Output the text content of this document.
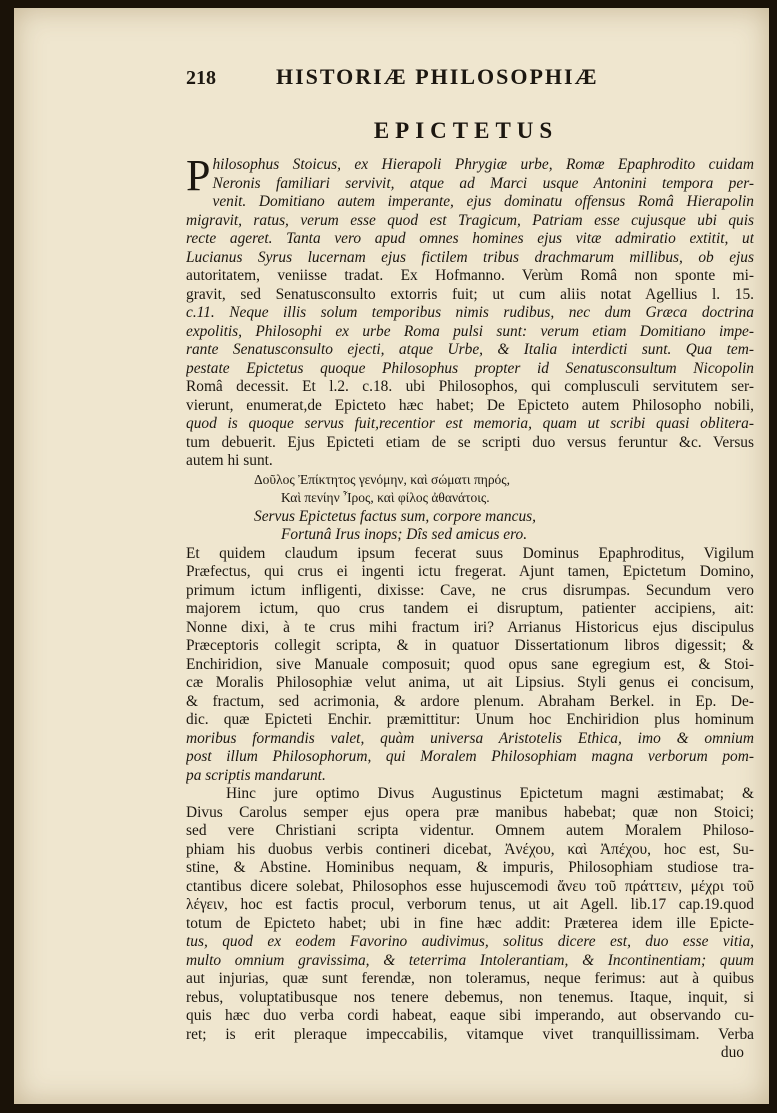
218	HISTORIÆ PHILOSOPHIÆ
EPICTETUS
P hilosophus Stoicus, ex Hierapoli Phrygiæ urbe, Romæ Epaphrodito cuidam
Neronis familiari servivit, atque ad Marci usque Antonini tempora per-
venit. Domitiano autem imperante, ejus dominatu offensus Româ Hierapolin
migravit, ratus, verum esse quod est Tragicum, Patriam esse cujusque ubi quis
recte ageret. Tanta vero apud omnes homines ejus vitæ admiratio extitit, ut
Lucianus Syrus lucernam ejus fictilem tribus drachmarum millibus, ob ejus
autoritatem, veniisse tradat. Ex Hofmanno. Verùm Româ non sponte mi-
gravit, sed Senatusconsulto extorris fuit; ut cum aliis notat Agellius l. 15.
c.11. Neque illis solum temporibus nimis rudibus, nec dum Græca doctrina
expolitis, Philosophi ex urbe Roma pulsi sunt: verum etiam Domitiano impe-
rante Senatusconsulto ejecti, atque Urbe, & Italia interdicti sunt. Qua tem-
pestate Epictetus quoque Philosophus propter id Senatusconsultum Nicopolin
Româ decessit. Et l.2. c.18. ubi Philosophos, qui complusculi servitutem ser-
vierunt, enumerat,de Epicteto hæc habet; De Epicteto autem Philosopho nobili,
quod is quoque servus fuit,recentior est memoria, quam ut scribi quasi oblitera-
tum debuerit. Ejus Epicteti etiam de se scripti duo versus feruntur &c. Versus
autem hi sunt.
Δοῦλος Ἐπίκτητος γενόμην, καὶ σώματι πηρός,
Καὶ πενίην Ἶρος, καὶ φίλος ἀθανάτοις.
Servus Epictetus factus sum, corpore mancus,
Fortunâ Irus inops; Dîs sed amicus ero.
Et quidem claudum ipsum fecerat suus Dominus Epaphroditus, Vigilum
Præfectus, qui crus ei ingenti ictu fregerat. Ajunt tamen, Epictetum Domino,
primum ictum infligenti, dixisse: Cave, ne crus disrumpas. Secundum vero
majorem ictum, quo crus tandem ei disruptum, patienter accipiens, ait:
Nonne dixi, à te crus mihi fractum iri? Arrianus Historicus ejus discipulus
Præceptoris collegit scripta, & in quatuor Dissertationum libros digessit; &
Enchiridion, sive Manuale composuit; quod opus sane egregium est, & Stoi-
cæ Moralis Philosophiæ velut anima, ut ait Lipsius. Styli genus ei concisum,
& fractum, sed acrimonia, & ardore plenum. Abraham Berkel. in Ep. De-
dic. quæ Epicteti Enchir. præmittitur: Unum hoc Enchiridion plus hominum
moribus formandis valet, quàm universa Aristotelis Ethica, imo & omnium
post illum Philosophorum, qui Moralem Philosophiam magna verborum pom-
pa scriptis mandarunt.
Hinc jure optimo Divus Augustinus Epictetum magni æstimabat; &
Divus Carolus semper ejus opera præ manibus habebat; quæ non Stoici;
sed vere Christiani scripta videntur. Omnem autem Moralem Philoso-
phiam his duobus verbis contineri dicebat, Ἀνέχου, καὶ Ἀπέχου, hoc est, Su-
stine, & Abstine. Hominibus nequam, & impuris, Philosophiam studiose tra-
ctantibus dicere solebat, Philosophos esse hujuscemodi ἄνευ τοῦ πράττειν, μέχρι τοῦ
λέγειν, hoc est factis procul, verborum tenus, ut ait Agell. lib.17 cap.19.quod
totum de Epicteto habet; ubi in fine hæc addit: Præterea idem ille Epicte-
tus, quod ex eodem Favorino audivimus, solitus dicere est, duo esse vitia,
multo omnium gravissima, & teterrima Intolerantiam, & Incontinentiam; quum
aut injurias, quæ sunt ferendæ, non toleramus, neque ferimus: aut à quibus
rebus, voluptatibusque nos tenere debemus, non tenemus. Itaque, inquit, si
quis hæc duo verba cordi habeat, eaque sibi imperando, aut observando cu-
ret; is erit pleraque impeccabilis, vitamque vivet tranquillissimam. Verba
duo
